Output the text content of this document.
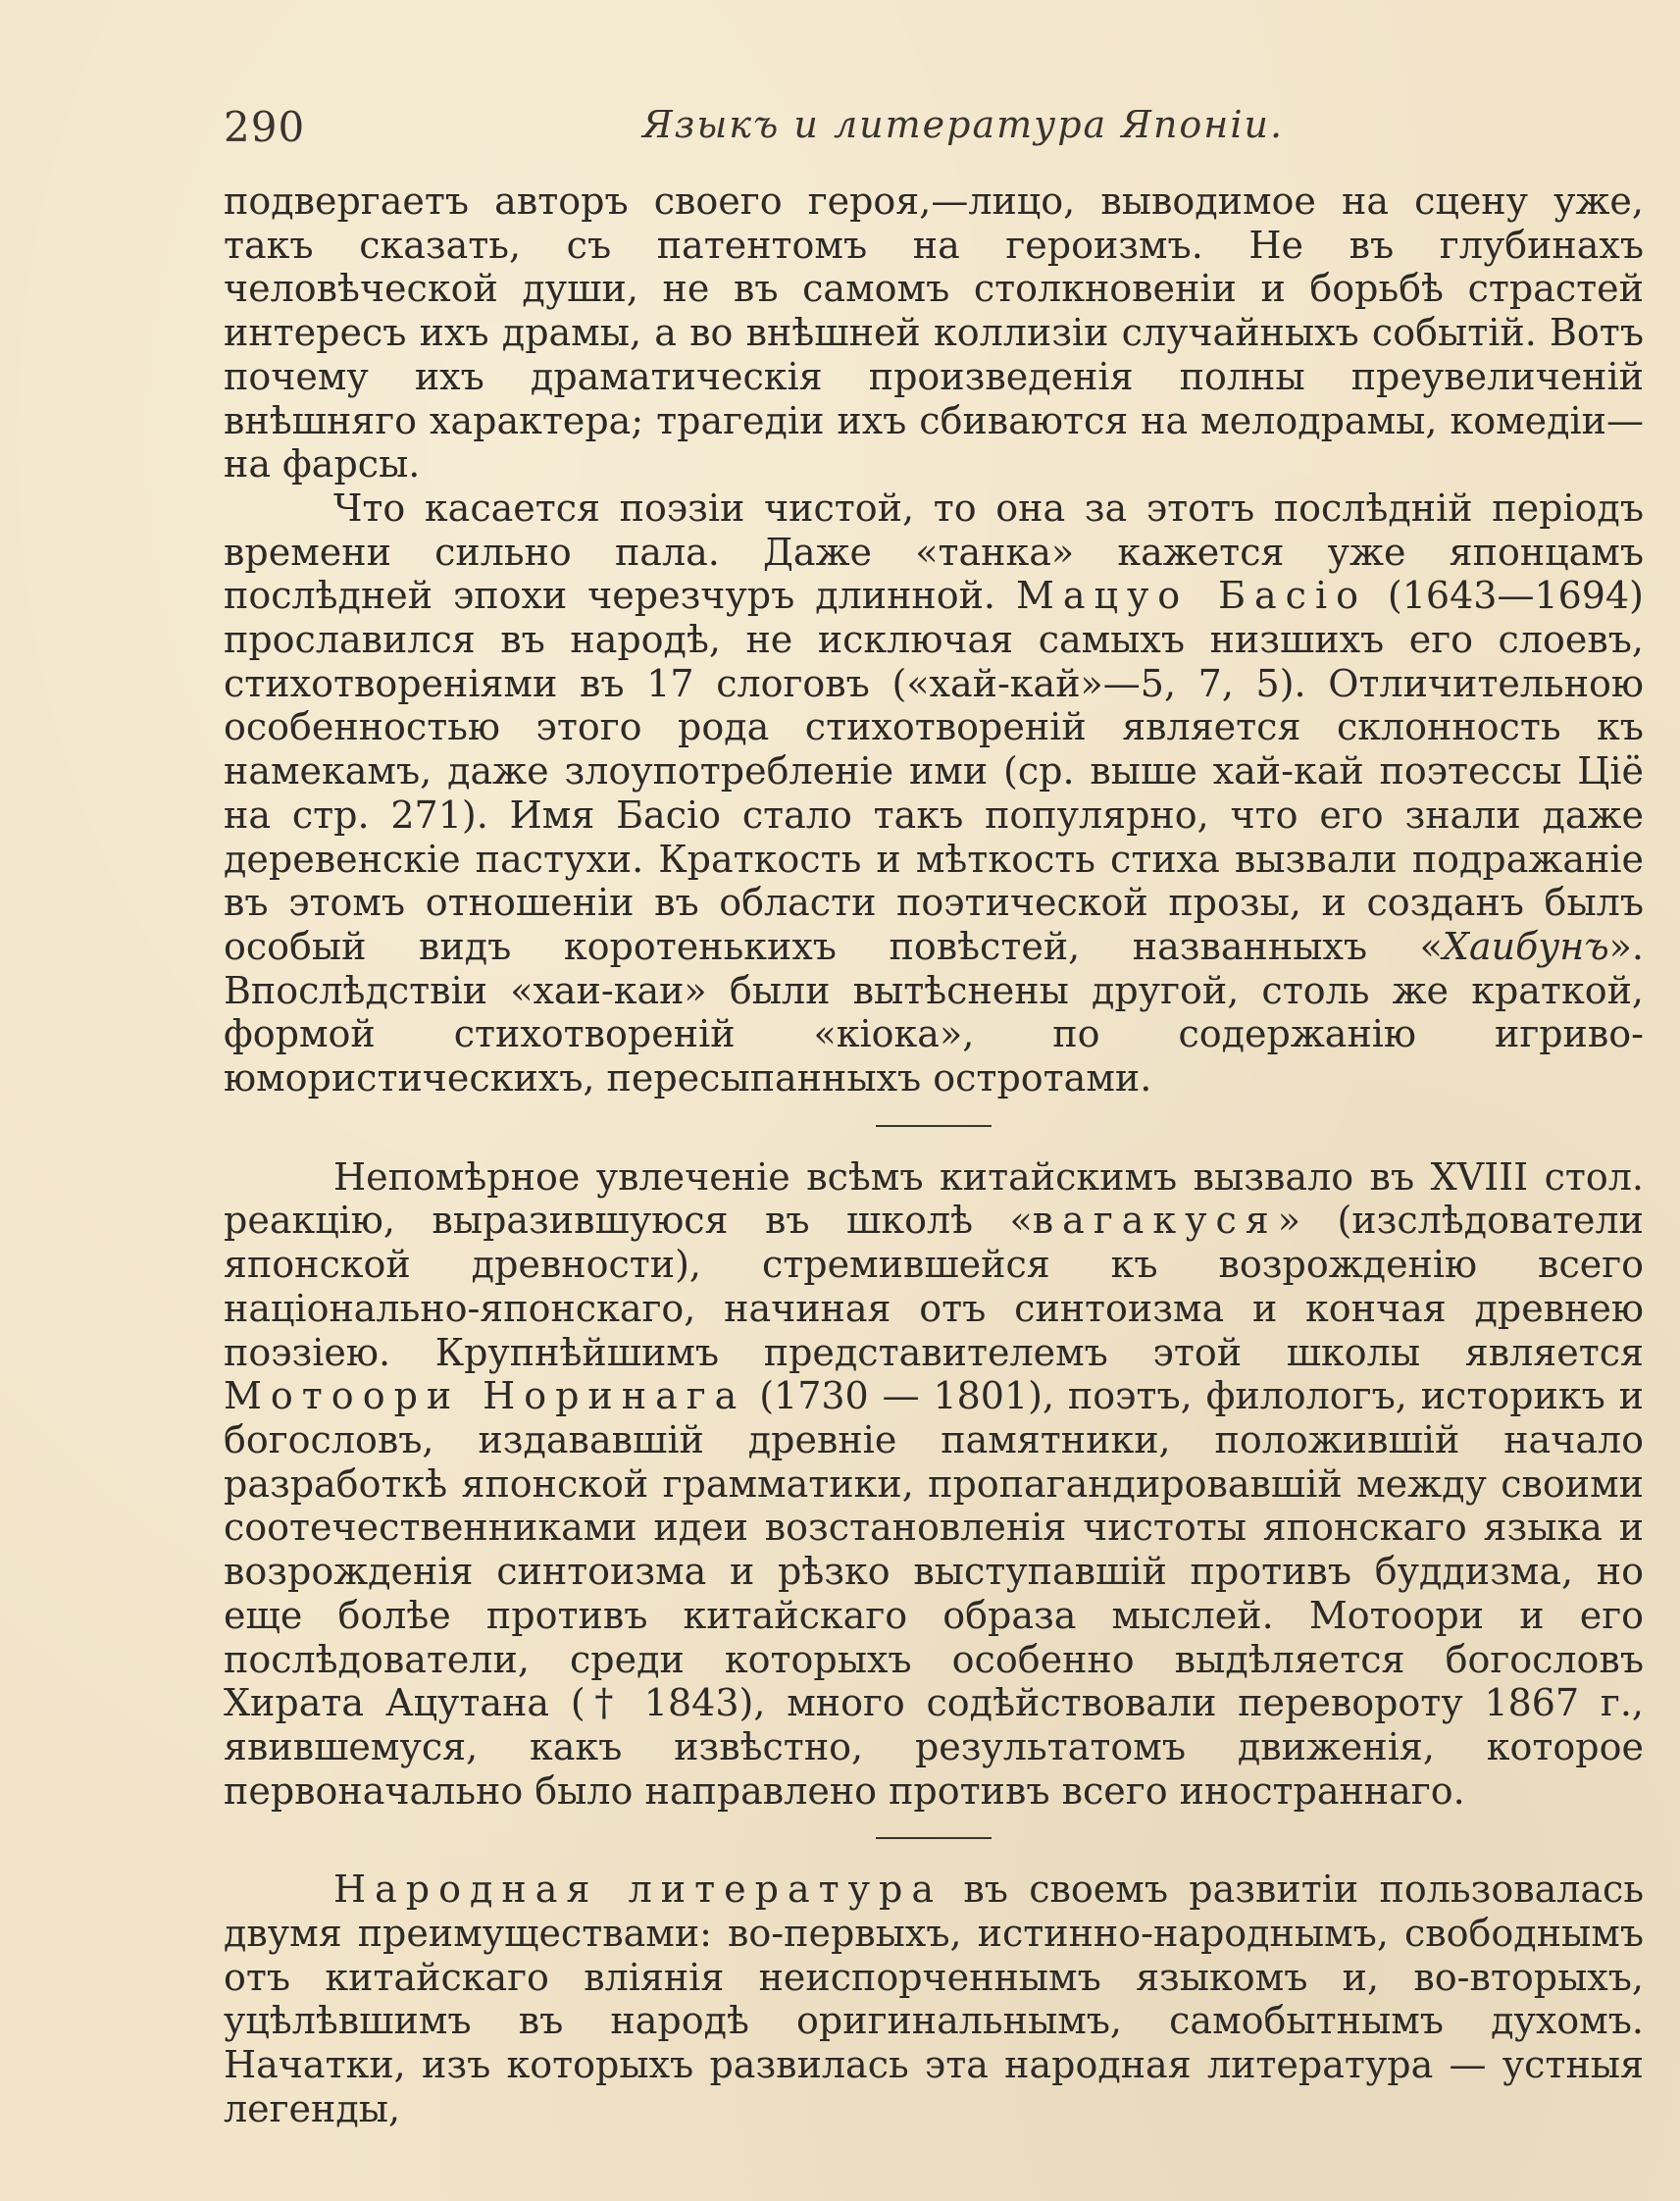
290	Языкъ и литература Японіи.

подвергаетъ авторъ своего героя,—лицо, выводимое на сцену уже, такъ сказать, съ патентомъ на героизмъ. Не въ глубинахъ человѣческой души, не въ самомъ столкновеніи и борьбѣ страстей интересъ ихъ драмы, а во внѣшней коллизіи случайныхъ событій. Вотъ почему ихъ драматическія произведенія полны преувеличеній внѣшняго характера; трагедіи ихъ сбиваются на мелодрамы, комедіи—на фарсы.

Что касается поэзіи чистой, то она за этотъ послѣдній періодъ времени сильно пала. Даже «танка» кажется уже японцамъ послѣдней эпохи черезчуръ длинной. Мацуо Басіо (1643—1694) прославился въ народѣ, не исключая самыхъ низшихъ его слоевъ, стихотвореніями въ 17 слоговъ («хай-кай»—5, 7, 5). Отличительною особенностью этого рода стихотвореній является склонность къ намекамъ, даже злоупотребленіе ими (ср. выше хай-кай поэтессы Ціё на стр. 271). Имя Басіо стало такъ популярно, что его знали даже деревенскіе пастухи. Краткость и мѣткость стиха вызвали подражаніе въ этомъ отношеніи въ области поэтической прозы, и созданъ былъ особый видъ коротенькихъ повѣстей, названныхъ «Хаибунъ». Впослѣдствіи «хаи-каи» были вытѣснены другой, столь же краткой, формой стихотвореній «кіока», по содержанію игриво-юмористическихъ, пересыпанныхъ остротами.

Непомѣрное увлеченіе всѣмъ китайскимъ вызвало въ XVIII стол. реакцію, выразившуюся въ школѣ «вагакуся» (изслѣдователи японской древности), стремившейся къ возрожденію всего національно-японскаго, начиная отъ синтоизма и кончая древнею поэзіею. Крупнѣйшимъ представителемъ этой школы является Мотоори Норинага (1730 — 1801), поэтъ, филологъ, историкъ и богословъ, издававшій древніе памятники, положившій начало разработкѣ японской грамматики, пропагандировавшій между своими соотечественниками идеи возстановленія чистоты японскаго языка и возрожденія синтоизма и рѣзко выступавшій противъ буддизма, но еще болѣе противъ китайскаго образа мыслей. Мотоори и его послѣдователи, среди которыхъ особенно выдѣляется богословъ Хирата Ацутана († 1843), много содѣйствовали перевороту 1867 г., явившемуся, какъ извѣстно, результатомъ движенія, которое первоначально было направлено противъ всего иностраннаго.

Народная литература въ своемъ развитіи пользовалась двумя преимуществами: во-первыхъ, истинно-народнымъ, свободнымъ отъ китайскаго вліянія неиспорченнымъ языкомъ и, во-вторыхъ, уцѣлѣвшимъ въ народѣ оригинальнымъ, самобытнымъ духомъ. Начатки, изъ которыхъ развилась эта народная литература — устныя легенды,
